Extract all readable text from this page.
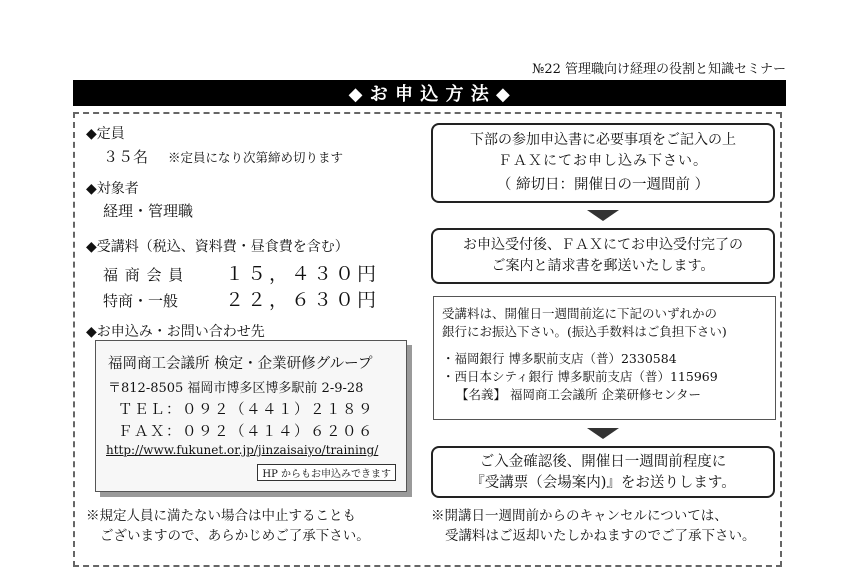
№22 管理職向け経理の役割と知識セミナー
◆ お 申 込 方 法 ◆
◆定員
３５名 ※定員になり次第締め切ります
◆対象者
経理・管理職
◆受講料（税込、資料費・昼食費を含む）
福 商 会 員 １５，４３０円
特商・一般 ２２，６３０円
◆お申込み・お問い合わせ先
福岡商工会議所 検定・企業研修グループ
〒812-8505 福岡市博多区博多駅前 2-9-28
ＴＥＬ：０９２（４４１）２１８９
ＦＡＸ：０９２（４１４）６２０６
http://www.fukunet.or.jp/jinzaisaiyo/training/
HP からもお申込みできます
下部の参加申込書に必要事項をご記入の上
ＦＡＸにてお申し込み下さい。
（ 締切日：開催日の一週間前 ）
お申込受付後、ＦＡＸにてお申込受付完了の
ご案内と請求書を郵送いたします。
受講料は、開催日一週間前迄に下記のいずれかの
銀行にお振込下さい。(振込手数料はご負担下さい)
・福岡銀行 博多駅前支店（普）2330584
・西日本シティ銀行 博多駅前支店（普）115969
【名義】 福岡商工会議所 企業研修センター
ご入金確認後、開催日一週間前程度に
『受講票（会場案内)』をお送りします。
※規定人員に満たない場合は中止することも
ございますので、あらかじめご了承下さい。
※開講日一週間前からのキャンセルについては、
受講料はご返却いたしかねますのでご了承下さい。
